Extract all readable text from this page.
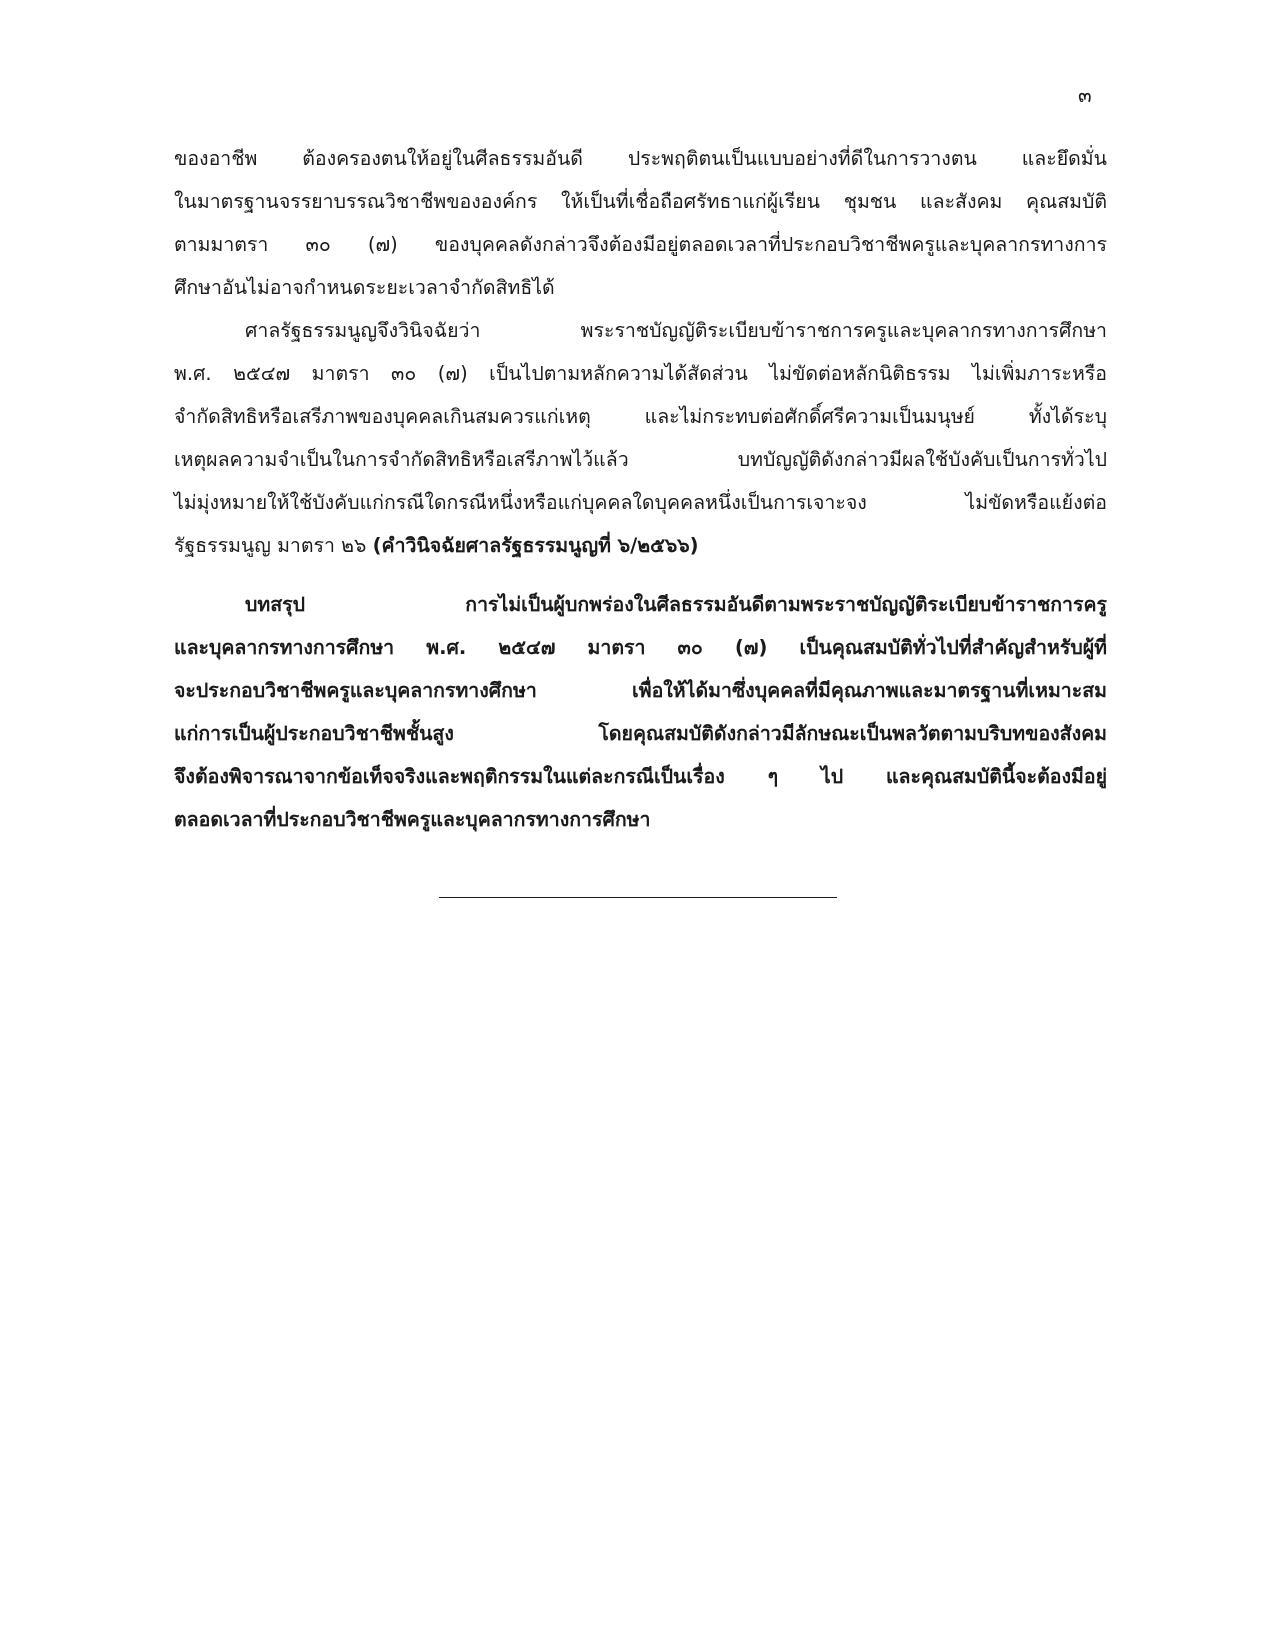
๓
ของอาชีพ ต้องครองตนให้อยู่ในศีลธรรมอันดี ประพฤติตนเป็นแบบอย่างที่ดีในการวางตน และยึดมั่น
ในมาตรฐานจรรยาบรรณวิชาชีพขององค์กร ให้เป็นที่เชื่อถือศรัทธาแก่ผู้เรียน ชุมชน และสังคม คุณสมบัติ
ตามมาตรา ๓๐ (๗) ของบุคคลดังกล่าวจึงต้องมีอยู่ตลอดเวลาที่ประกอบวิชาชีพครูและบุคลากรทางการ
ศึกษาอันไม่อาจกำหนดระยะเวลาจำกัดสิทธิได้
ศาลรัฐธรรมนูญจึงวินิจฉัยว่า พระราชบัญญัติระเบียบข้าราชการครูและบุคลากรทางการศึกษา
พ.ศ. ๒๕๔๗ มาตรา ๓๐ (๗) เป็นไปตามหลักความได้สัดส่วน ไม่ขัดต่อหลักนิติธรรม ไม่เพิ่มภาระหรือ
จำกัดสิทธิหรือเสรีภาพของบุคคลเกินสมควรแก่เหตุ และไม่กระทบต่อศักดิ์ศรีความเป็นมนุษย์ ทั้งได้ระบุ
เหตุผลความจำเป็นในการจำกัดสิทธิหรือเสรีภาพไว้แล้ว บทบัญญัติดังกล่าวมีผลใช้บังคับเป็นการทั่วไป
ไม่มุ่งหมายให้ใช้บังคับแก่กรณีใดกรณีหนึ่งหรือแก่บุคคลใดบุคคลหนึ่งเป็นการเจาะจง ไม่ขัดหรือแย้งต่อ
รัฐธรรมนูญ มาตรา ๒๖ (คำวินิจฉัยศาลรัฐธรรมนูญที่ ๖/๒๕๖๖)
บทสรุป การไม่เป็นผู้บกพร่องในศีลธรรมอันดีตามพระราชบัญญัติระเบียบข้าราชการครู
และบุคลากรทางการศึกษา พ.ศ. ๒๕๔๗ มาตรา ๓๐ (๗) เป็นคุณสมบัติทั่วไปที่สำคัญสำหรับผู้ที่
จะประกอบวิชาชีพครูและบุคลากรทางศึกษา เพื่อให้ได้มาซึ่งบุคคลที่มีคุณภาพและมาตรฐานที่เหมาะสม
แก่การเป็นผู้ประกอบวิชาชีพชั้นสูง โดยคุณสมบัติดังกล่าวมีลักษณะเป็นพลวัตตามบริบทของสังคม
จึงต้องพิจารณาจากข้อเท็จจริงและพฤติกรรมในแต่ละกรณีเป็นเรื่อง ๆ ไป และคุณสมบัตินี้จะต้องมีอยู่
ตลอดเวลาที่ประกอบวิชาชีพครูและบุคลากรทางการศึกษา
